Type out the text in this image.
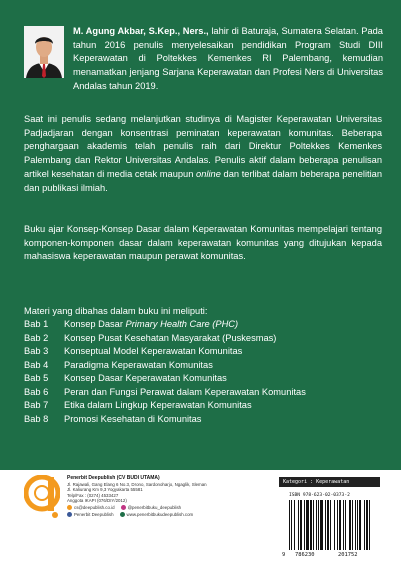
M. Agung Akbar, S.Kep., Ners., lahir di Baturaja, Sumatera Selatan. Pada tahun 2016 penulis menyelesaikan pendidikan Program Studi DIII Keperawatan di Poltekkes Kemenkes RI Palembang, kemudian menamatkan jenjang Sarjana Keperawatan dan Profesi Ners di Universitas Andalas tahun 2019.
Saat ini penulis sedang melanjutkan studinya di Magister Keperawatan Universitas Padjadjaran dengan konsentrasi peminatan keperawatan komunitas. Beberapa penghargaan akademis telah penulis raih dari Direktur Poltekkes Kemenkes Palembang dan Rektor Universitas Andalas. Penulis aktif dalam beberapa penulisan artikel kesehatan di media cetak maupun online dan terlibat dalam beberapa penelitian dan publikasi ilmiah.
Buku ajar Konsep-Konsep Dasar dalam Keperawatan Komunitas mempelajari tentang komponen-komponen dasar dalam keperawatan komunitas yang ditujukan kepada mahasiswa keperawatan maupun perawat komunitas.
Materi yang dibahas dalam buku ini meliputi:
Bab 1	Konsep Dasar Primary Health Care (PHC)
Bab 2	Konsep Pusat Kesehatan Masyarakat (Puskesmas)
Bab 3	Konseptual Model Keperawatan Komunitas
Bab 4	Paradigma Keperawatan Komunitas
Bab 5	Konsep Dasar Keperawatan Komunitas
Bab 6	Peran dan Fungsi Perawat dalam Keperawatan Komunitas
Bab 7	Etika dalam Lingkup Keperawatan Komunitas
Bab 8	Promosi Kesehatan di Komunitas
Penerbit Deepublish (CV BUDI UTAMA)
Jl. Rajawali, Gang Elang 6 No.3, Drono, Sardonoharjo, Ngaglik, Sleman
Jl. Kaliurang Km 9,3 Yogyakarta 55581
Telp/Fax : (0274) 4533427
Anggota IKAPI (076/DIY/2012)
cs@deepublish.co.id	@penerbitbuku_deepublish
Penerbit Deepublish	www.penerbitbukudeepublish.com
Kategori : Keperawatan
ISBN 978-623-02-0373-2
9 786230	201752
